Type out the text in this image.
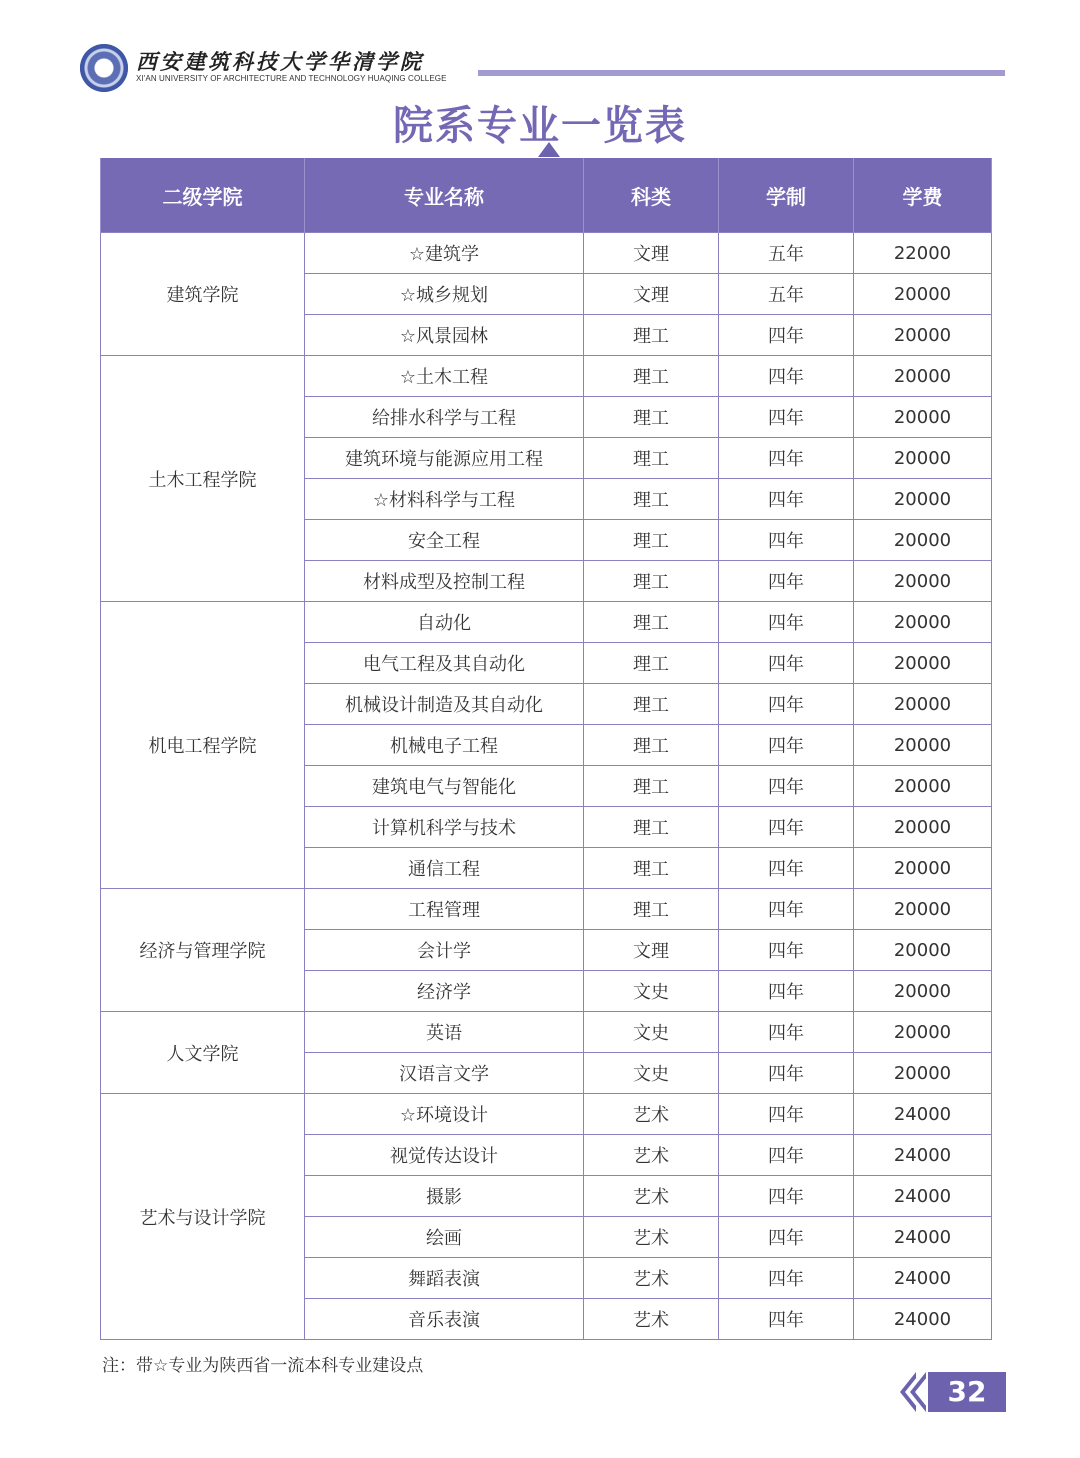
西安建筑科技大学华清学院
XI'AN UNIVERSITY OF ARCHITECTURE AND TECHNOLOGY HUAQING COLLEGE
院系专业一览表
二级学院	专业名称	科类	学制	学费
建筑学院	☆建筑学	文理	五年	22000
	☆城乡规划	文理	五年	20000
	☆风景园林	理工	四年	20000
土木工程学院	☆土木工程	理工	四年	20000
	给排水科学与工程	理工	四年	20000
	建筑环境与能源应用工程	理工	四年	20000
	☆材料科学与工程	理工	四年	20000
	安全工程	理工	四年	20000
	材料成型及控制工程	理工	四年	20000
机电工程学院	自动化	理工	四年	20000
	电气工程及其自动化	理工	四年	20000
	机械设计制造及其自动化	理工	四年	20000
	机械电子工程	理工	四年	20000
	建筑电气与智能化	理工	四年	20000
	计算机科学与技术	理工	四年	20000
	通信工程	理工	四年	20000
经济与管理学院	工程管理	理工	四年	20000
	会计学	文理	四年	20000
	经济学	文史	四年	20000
人文学院	英语	文史	四年	20000
	汉语言文学	文史	四年	20000
艺术与设计学院	☆环境设计	艺术	四年	24000
	视觉传达设计	艺术	四年	24000
	摄影	艺术	四年	24000
	绘画	艺术	四年	24000
	舞蹈表演	艺术	四年	24000
	音乐表演	艺术	四年	24000
注：带☆专业为陕西省一流本科专业建设点
32
